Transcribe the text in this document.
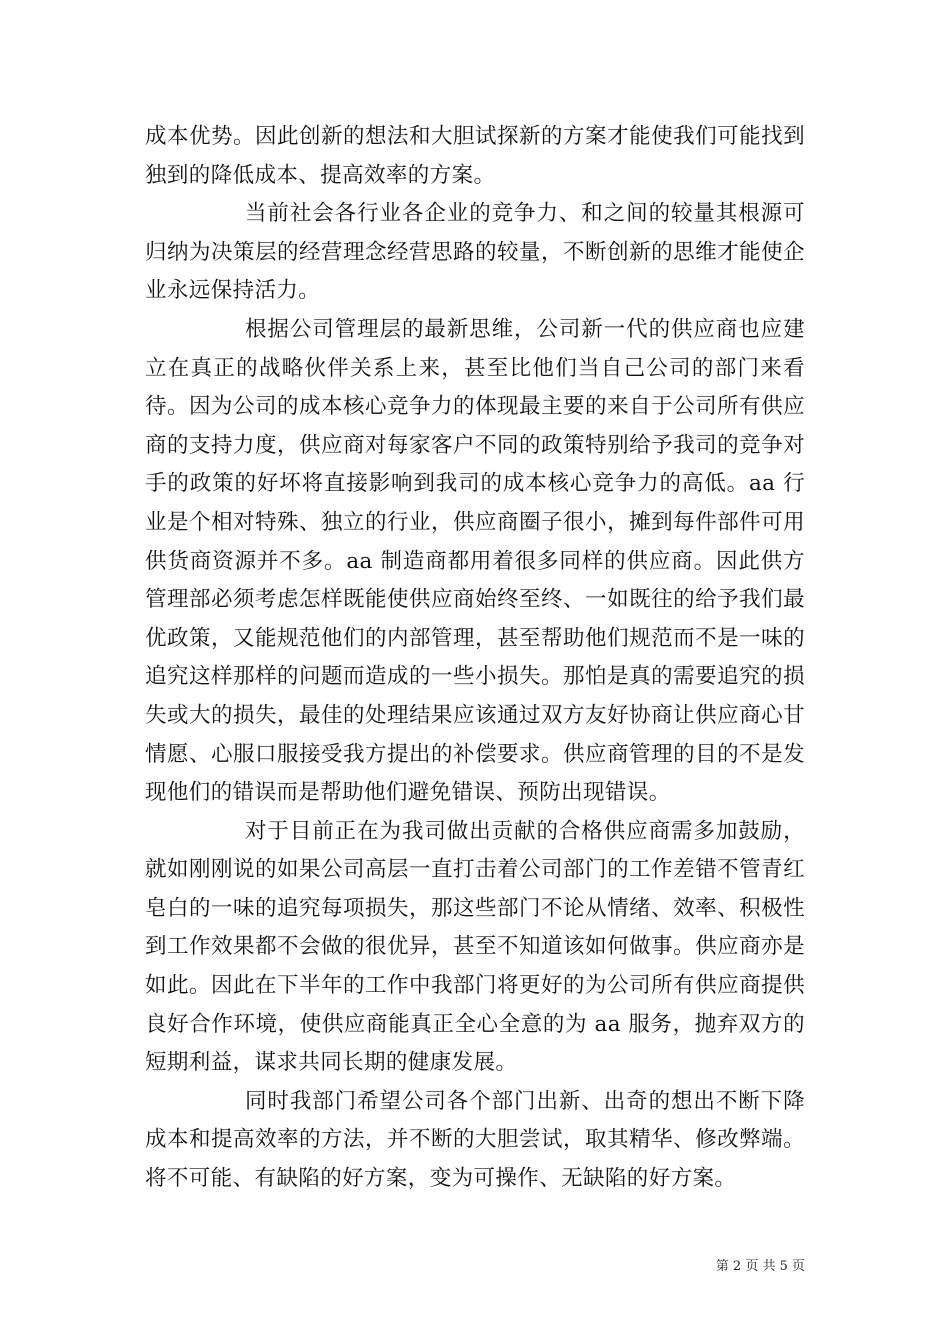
成本优势。因此创新的想法和大胆试探新的方案才能使我们可能找到独到的降低成本、提高效率的方案。

当前社会各行业各企业的竞争力、和之间的较量其根源可归纳为决策层的经营理念经营思路的较量，不断创新的思维才能使企业永远保持活力。

根据公司管理层的最新思维，公司新一代的供应商也应建立在真正的战略伙伴关系上来，甚至比他们当自己公司的部门来看待。因为公司的成本核心竞争力的体现最主要的来自于公司所有供应商的支持力度，供应商对每家客户不同的政策特别给予我司的竞争对手的政策的好坏将直接影响到我司的成本核心竞争力的高低。aa 行业是个相对特殊、独立的行业，供应商圈子很小，摊到每件部件可用供货商资源并不多。aa 制造商都用着很多同样的供应商。因此供方管理部必须考虑怎样既能使供应商始终至终、一如既往的给予我们最优政策，又能规范他们的内部管理，甚至帮助他们规范而不是一味的追究这样那样的问题而造成的一些小损失。那怕是真的需要追究的损失或大的损失，最佳的处理结果应该通过双方友好协商让供应商心甘情愿、心服口服接受我方提出的补偿要求。供应商管理的目的不是发现他们的错误而是帮助他们避免错误、预防出现错误。

对于目前正在为我司做出贡献的合格供应商需多加鼓励，就如刚刚说的如果公司高层一直打击着公司部门的工作差错不管青红皂白的一味的追究每项损失，那这些部门不论从情绪、效率、积极性到工作效果都不会做的很优异，甚至不知道该如何做事。供应商亦是如此。因此在下半年的工作中我部门将更好的为公司所有供应商提供良好合作环境，使供应商能真正全心全意的为 aa 服务，抛弃双方的短期利益，谋求共同长期的健康发展。

同时我部门希望公司各个部门出新、出奇的想出不断下降成本和提高效率的方法，并不断的大胆尝试，取其精华、修改弊端。将不可能、有缺陷的好方案，变为可操作、无缺陷的好方案。

第 2 页 共 5 页
